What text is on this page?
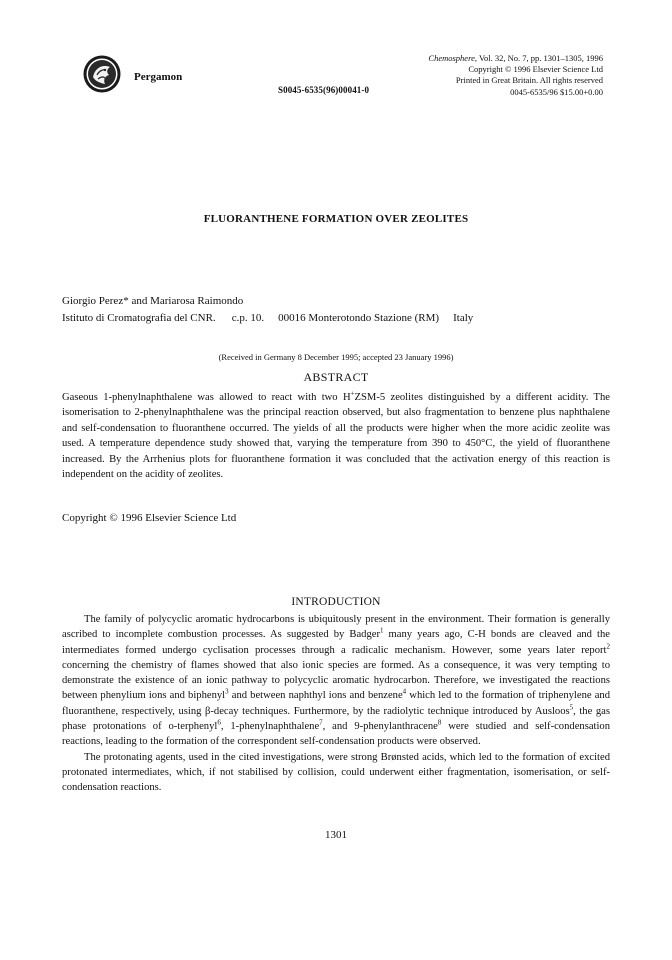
Pergamon
S0045-6535(96)00041-0
Chemosphere, Vol. 32, No. 7, pp. 1301–1305, 1996
Copyright © 1996 Elsevier Science Ltd
Printed in Great Britain. All rights reserved
0045-6535/96 $15.00+0.00
FLUORANTHENE FORMATION OVER ZEOLITES
Giorgio Perez* and Mariarosa Raimondo
Istituto di Cromatografia del CNR. c.p. 10. 00016 Monterotondo Stazione (RM) Italy
(Received in Germany 8 December 1995; accepted 23 January 1996)
ABSTRACT

Gaseous 1-phenylnaphthalene was allowed to react with two H+ZSM-5 zeolites distinguished by a different acidity. The isomerisation to 2-phenylnaphthalene was the principal reaction observed, but also fragmentation to benzene plus naphthalene and self-condensation to fluoranthene occurred. The yields of all the products were higher when the more acidic zeolite was used. A temperature dependence study showed that, varying the temperature from 390 to 450°C, the yield of fluoranthene increased. By the Arrhenius plots for fluoranthene formation it was concluded that the activation energy of this reaction is independent on the acidity of zeolites.

Copyright © 1996 Elsevier Science Ltd
INTRODUCTION

The family of polycyclic aromatic hydrocarbons is ubiquitously present in the environment. Their formation is generally ascribed to incomplete combustion processes. As suggested by Badger$^1$ many years ago, C-H bonds are cleaved and the intermediates formed undergo cyclisation processes through a radicalic mechanism. However, some years later report$^2$ concerning the chemistry of flames showed that also ionic species are formed. As a consequence, it was very tempting to demonstrate the existence of an ionic pathway to polycyclic aromatic hydrocarbon. Therefore, we investigated the reactions between phenylium ions and biphenyl$^3$ and between naphthyl ions and benzene$^4$ which led to the formation of triphenylene and fluoranthene, respectively, using β-decay techniques. Furthermore, by the radiolytic technique introduced by Ausloos$^5$, the gas phase protonations of o-terphenyl$^6$, 1-phenylnaphthalene$^7$, and 9-phenylanthracene$^8$ were studied and self-condensation reactions, leading to the formation of the correspondent self-condensation products were observed.

The protonating agents, used in the cited investigations, were strong Brønsted acids, which led to the formation of excited protonated intermediates, which, if not stabilised by collision, could underwent either fragmentation, isomerisation, or self-condensation reactions.

1301
